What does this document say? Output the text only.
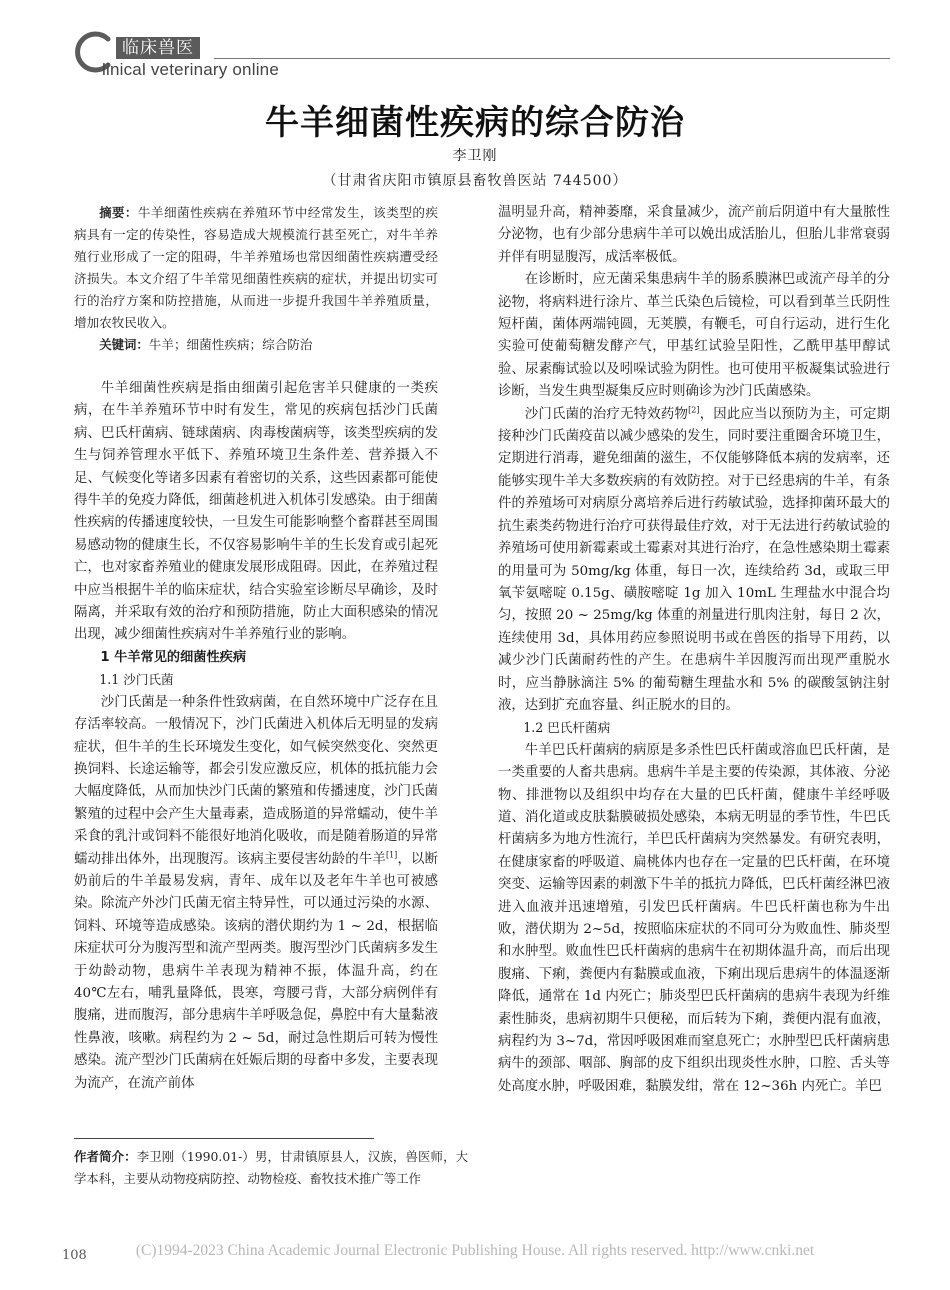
临床兽医
linical veterinary online
牛羊细菌性疾病的综合防治
李卫刚
（甘肃省庆阳市镇原县畜牧兽医站 744500）

摘要：牛羊细菌性疾病在养殖环节中经常发生，该类型的疾病具有一定的传染性，容易造成大规模流行甚至死亡，对牛羊养殖行业形成了一定的阻碍，牛羊养殖场也常因细菌性疾病遭受经济损失。本文介绍了牛羊常见细菌性疾病的症状，并提出切实可行的治疗方案和防控措施，从而进一步提升我国牛羊养殖质量，增加农牧民收入。

关键词：牛羊；细菌性疾病；综合防治

牛羊细菌性疾病是指由细菌引起危害羊只健康的一类疾病，在牛羊养殖环节中时有发生，常见的疾病包括沙门氏菌病、巴氏杆菌病、链球菌病、肉毒梭菌病等，该类型疾病的发生与饲养管理水平低下、养殖环境卫生条件差、营养摄入不足、气候变化等诸多因素有着密切的关系，这些因素都可能使得牛羊的免疫力降低，细菌趁机进入机体引发感染。由于细菌性疾病的传播速度较快，一旦发生可能影响整个畜群甚至周围易感动物的健康生长，不仅容易影响牛羊的生长发育或引起死亡，也对家畜养殖业的健康发展形成阻碍。因此，在养殖过程中应当根据牛羊的临床症状，结合实验室诊断尽早确诊，及时隔离，并采取有效的治疗和预防措施，防止大面积感染的情况出现，减少细菌性疾病对牛羊养殖行业的影响。

1 牛羊常见的细菌性疾病

1.1 沙门氏菌

沙门氏菌是一种条件性致病菌，在自然环境中广泛存在且存活率较高。一般情况下，沙门氏菌进入机体后无明显的发病症状，但牛羊的生长环境发生变化，如气候突然变化、突然更换饲料、长途运输等，都会引发应激反应，机体的抵抗能力会大幅度降低，从而加快沙门氏菌的繁殖和传播速度，沙门氏菌繁殖的过程中会产生大量毒素，造成肠道的异常蠕动，使牛羊采食的乳汁或饲料不能很好地消化吸收，而是随着肠道的异常蠕动排出体外，出现腹泻。该病主要侵害幼龄的牛羊[1]，以断奶前后的牛羊最易发病，青年、成年以及老年牛羊也可被感染。除流产外沙门氏菌无宿主特异性，可以通过污染的水源、饲料、环境等造成感染。该病的潜伏期约为 1 ~ 2d，根据临床症状可分为腹泻型和流产型两类。腹泻型沙门氏菌病多发生于幼龄动物，患病牛羊表现为精神不振，体温升高，约在 40℃左右，哺乳量降低，畏寒，弯腰弓背，大部分病例伴有腹痛，进而腹泻，部分患病牛羊呼吸急促，鼻腔中有大量黏液性鼻液，咳嗽。病程约为 2 ~ 5d，耐过急性期后可转为慢性感染。流产型沙门氏菌病在妊娠后期的母畜中多发，主要表现为流产，在流产前体

温明显升高，精神萎靡，采食量减少，流产前后阴道中有大量脓性分泌物，也有少部分患病牛羊可以娩出成活胎儿，但胎儿非常衰弱并伴有明显腹泻，成活率极低。

在诊断时，应无菌采集患病牛羊的肠系膜淋巴或流产母羊的分泌物，将病料进行涂片、革兰氏染色后镜检，可以看到革兰氏阴性短杆菌，菌体两端钝圆，无荚膜，有鞭毛，可自行运动，进行生化实验可使葡萄糖发酵产气，甲基红试验呈阳性，乙酰甲基甲醇试验、尿素酶试验以及吲哚试验为阴性。也可使用平板凝集试验进行诊断，当发生典型凝集反应时则确诊为沙门氏菌感染。

沙门氏菌的治疗无特效药物[2]，因此应当以预防为主，可定期接种沙门氏菌疫苗以减少感染的发生，同时要注重圈舍环境卫生，定期进行消毒，避免细菌的滋生，不仅能够降低本病的发病率，还能够实现牛羊大多数疾病的有效防控。对于已经患病的牛羊，有条件的养殖场可对病原分离培养后进行药敏试验，选择抑菌环最大的抗生素类药物进行治疗可获得最佳疗效，对于无法进行药敏试验的养殖场可使用新霉素或土霉素对其进行治疗，在急性感染期土霉素的用量可为 50mg/kg 体重，每日一次，连续给药 3d，或取三甲氧苄氨嘧啶 0.15g、磺胺嘧啶 1g 加入 10mL 生理盐水中混合均匀，按照 20 ~ 25mg/kg 体重的剂量进行肌肉注射，每日 2 次，连续使用 3d，具体用药应参照说明书或在兽医的指导下用药，以减少沙门氏菌耐药性的产生。在患病牛羊因腹泻而出现严重脱水时，应当静脉滴注 5% 的葡萄糖生理盐水和 5% 的碳酸氢钠注射液，达到扩充血容量、纠正脱水的目的。

1.2 巴氏杆菌病

牛羊巴氏杆菌病的病原是多杀性巴氏杆菌或溶血巴氏杆菌，是一类重要的人畜共患病。患病牛羊是主要的传染源，其体液、分泌物、排泄物以及组织中均存在大量的巴氏杆菌，健康牛羊经呼吸道、消化道或皮肤黏膜破损处感染，本病无明显的季节性，牛巴氏杆菌病多为地方性流行，羊巴氏杆菌病为突然暴发。有研究表明，在健康家畜的呼吸道、扁桃体内也存在一定量的巴氏杆菌，在环境突变、运输等因素的刺激下牛羊的抵抗力降低，巴氏杆菌经淋巴液进入血液并迅速增殖，引发巴氏杆菌病。牛巴氏杆菌也称为牛出败，潜伏期为 2~5d，按照临床症状的不同可分为败血性、肺炎型和水肿型。败血性巴氏杆菌病的患病牛在初期体温升高，而后出现腹痛、下痢，粪便内有黏膜或血液，下痢出现后患病牛的体温逐渐降低，通常在 1d 内死亡；肺炎型巴氏杆菌病的患病牛表现为纤维素性肺炎，患病初期牛只便秘，而后转为下痢，粪便内混有血液，病程约为 3~7d，常因呼吸困难而窒息死亡；水肿型巴氏杆菌病患病牛的颈部、咽部、胸部的皮下组织出现炎性水肿，口腔、舌头等处高度水肿，呼吸困难，黏膜发绀，常在 12~36h 内死亡。羊巴

作者简介：李卫刚（1990.01-）男，甘肃镇原县人，汉族，兽医师，大学本科，主要从动物疫病防控、动物检疫、畜牧技术推广等工作
108	(C)1994-2023 China Academic Journal Electronic Publishing House. All rights reserved. http://www.cnki.net
